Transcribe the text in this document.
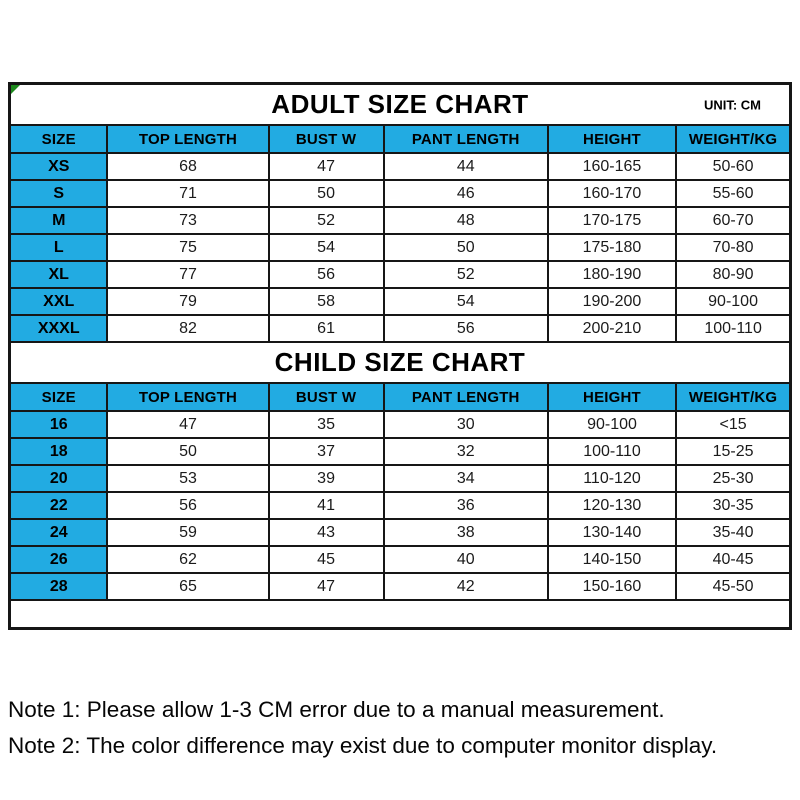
ADULT SIZE CHART	UNIT: CM
SIZE	TOP LENGTH	BUST W	PANT LENGTH	HEIGHT	WEIGHT/KG
XS	68	47	44	160-165	50-60
S	71	50	46	160-170	55-60
M	73	52	48	170-175	60-70
L	75	54	50	175-180	70-80
XL	77	56	52	180-190	80-90
XXL	79	58	54	190-200	90-100
XXXL	82	61	56	200-210	100-110
CHILD SIZE CHART
SIZE	TOP LENGTH	BUST W	PANT LENGTH	HEIGHT	WEIGHT/KG
16	47	35	30	90-100	<15
18	50	37	32	100-110	15-25
20	53	39	34	110-120	25-30
22	56	41	36	120-130	30-35
24	59	43	38	130-140	35-40
26	62	45	40	140-150	40-45
28	65	47	42	150-160	45-50

Note 1: Please allow 1-3 CM error due to a manual measurement.

Note 2: The color difference may exist due to computer monitor display.
